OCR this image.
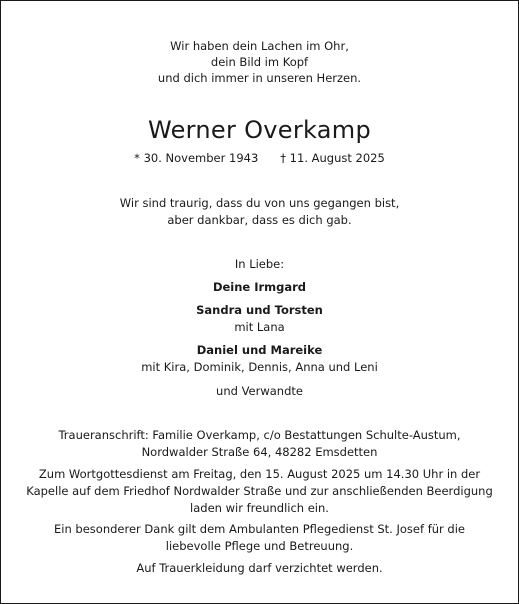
Wir haben dein Lachen im Ohr,
dein Bild im Kopf
und dich immer in unseren Herzen.
Werner Overkamp
* 30. November 1943 † 11. August 2025
Wir sind traurig, dass du von uns gegangen bist,
aber dankbar, dass es dich gab.
In Liebe:
Deine Irmgard
Sandra und Torsten
mit Lana
Daniel und Mareike
mit Kira, Dominik, Dennis, Anna und Leni
und Verwandte
Traueranschrift: Familie Overkamp, c/o Bestattungen Schulte-Austum,
Nordwalder Straße 64, 48282 Emsdetten
Zum Wortgottesdienst am Freitag, den 15. August 2025 um 14.30 Uhr in der
Kapelle auf dem Friedhof Nordwalder Straße und zur anschließenden Beerdigung
laden wir freundlich ein.
Ein besonderer Dank gilt dem Ambulanten Pflegedienst St. Josef für die
liebevolle Pflege und Betreuung.
Auf Trauerkleidung darf verzichtet werden.
